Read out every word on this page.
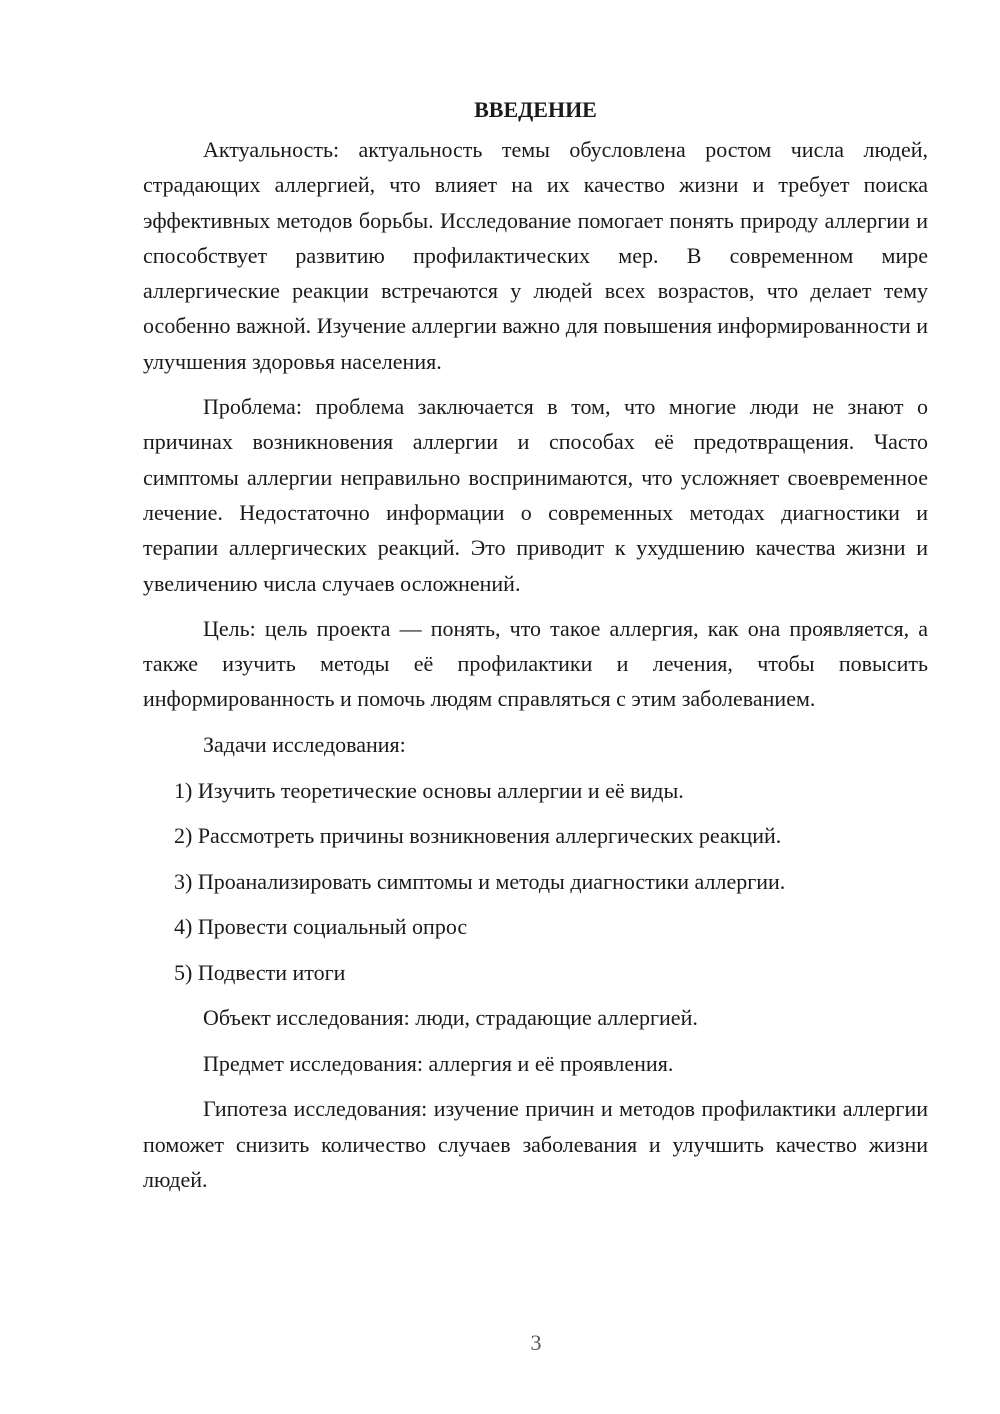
ВВЕДЕНИЕ

Актуальность: актуальность темы обусловлена ростом числа людей, страдающих аллергией, что влияет на их качество жизни и требует поиска эффективных методов борьбы. Исследование помогает понять природу аллергии и способствует развитию профилактических мер. В современном мире аллергические реакции встречаются у людей всех возрастов, что делает тему особенно важной. Изучение аллергии важно для повышения информированности и улучшения здоровья населения.

Проблема: проблема заключается в том, что многие люди не знают о причинах возникновения аллергии и способах её предотвращения. Часто симптомы аллергии неправильно воспринимаются, что усложняет своевременное лечение. Недостаточно информации о современных методах диагностики и терапии аллергических реакций. Это приводит к ухудшению качества жизни и увеличению числа случаев осложнений.

Цель: цель проекта — понять, что такое аллергия, как она проявляется, а также изучить методы её профилактики и лечения, чтобы повысить информированность и помочь людям справляться с этим заболеванием.

Задачи исследования:

1) Изучить теоретические основы аллергии и её виды.
2) Рассмотреть причины возникновения аллергических реакций.
3) Проанализировать симптомы и методы диагностики аллергии.
4) Провести социальный опрос
5) Подвести итоги

Объект исследования: люди, страдающие аллергией.

Предмет исследования: аллергия и её проявления.

Гипотеза исследования: изучение причин и методов профилактики аллергии поможет снизить количество случаев заболевания и улучшить качество жизни людей.

3
